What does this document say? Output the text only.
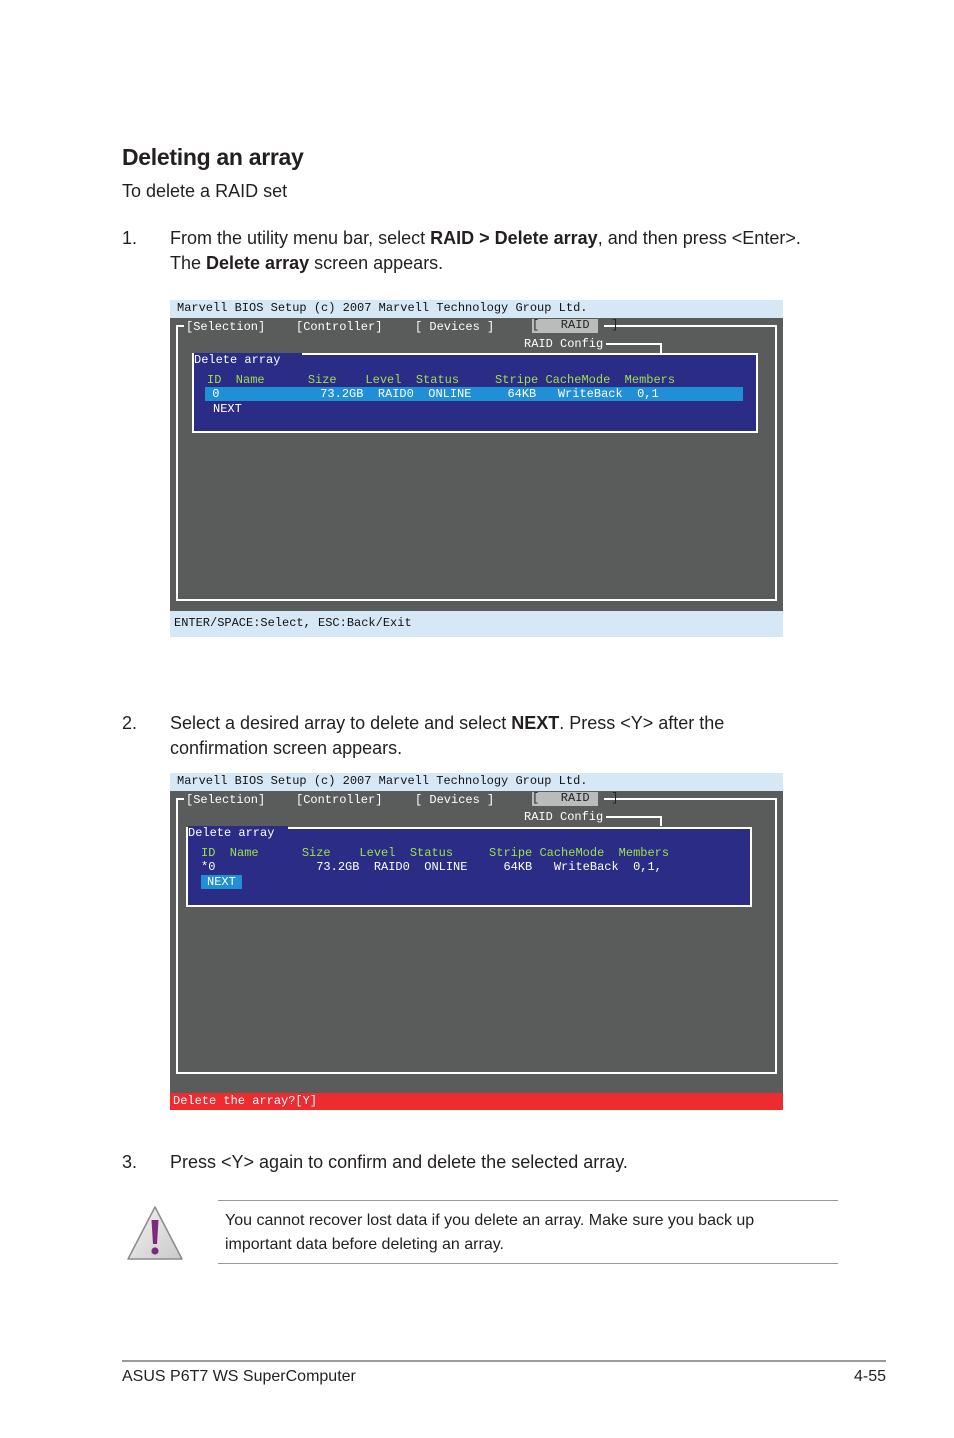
Deleting an array
To delete a RAID set
1. From the utility menu bar, select RAID > Delete array, and then press <Enter>. The Delete array screen appears.
Marvell BIOS Setup (c) 2007 Marvell Technology Group Ltd.

[Selection]

	[Controller]

	[ Devices ]

	[   RAID   ]
RAID Config
Delete array
ID  Name      Size    Level  Status     Stripe CacheMode  Members
0              73.2GB  RAID0  ONLINE     64KB   WriteBack  0,1
NEXT
ENTER/SPACE:Select, ESC:Back/Exit
2. Select a desired array to delete and select NEXT. Press <Y> after the confirmation screen appears.
Marvell BIOS Setup (c) 2007 Marvell Technology Group Ltd.

[Selection]

	[Controller]

	[ Devices ]

	[   RAID   ]
RAID Config
Delete array
ID  Name      Size    Level  Status     Stripe CacheMode  Members
*0              73.2GB  RAID0  ONLINE     64KB   WriteBack  0,1,
NEXT
Delete the array?[Y]
3. Press <Y> again to confirm and delete the selected array.
You cannot recover lost data if you delete an array. Make sure you back up important data before deleting an array.
ASUS P6T7 WS SuperComputer	4-55
